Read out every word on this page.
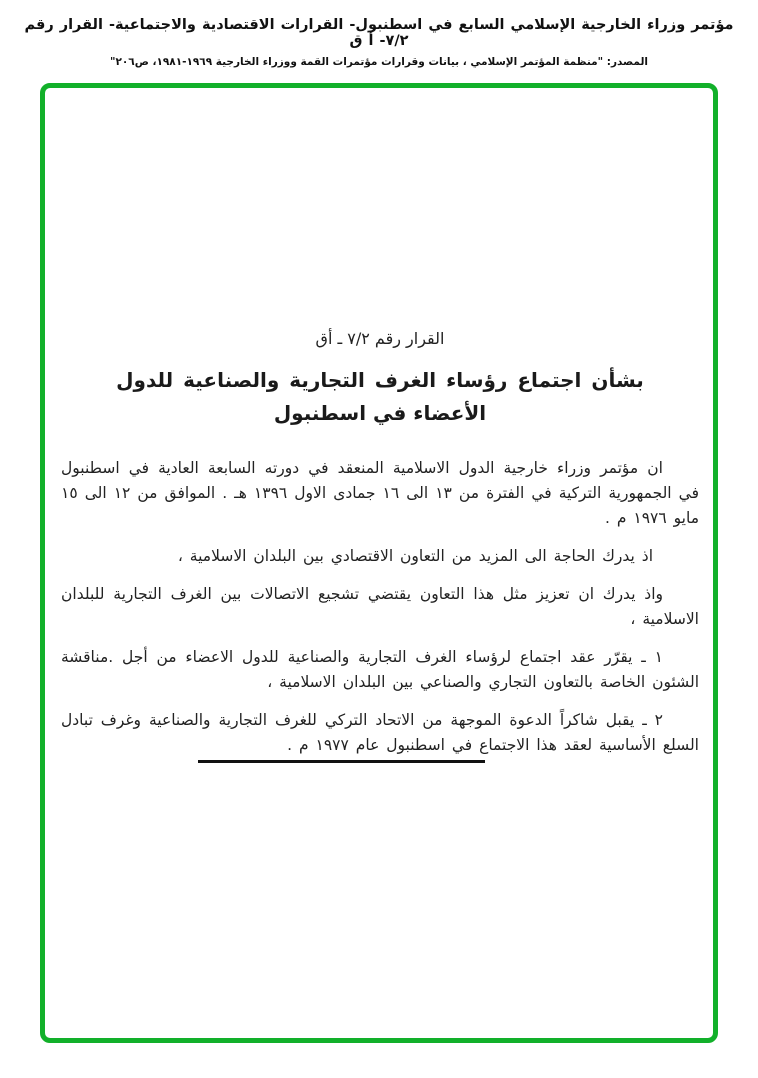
مؤتمر وزراء الخارجية الإسلامي السابع في اسطنبول- القرارات الاقتصادية والاجتماعية- القرار رقم ٧/٢- أ ق
المصدر: "منظمة المؤتمر الإسلامي ، بيانات وقرارات مؤتمرات القمة ووزراء الخارجية ١٩٦٩-١٩٨١، ص٢٠٦"
القرار رقم ٧/٢ ـ أق
بشأن اجتماع رؤساء الغرف التجارية والصناعية للدول
الأعضاء في اسطنبول

ان مؤتمر وزراء خارجية الدول الاسلامية المنعقد في دورته السابعة العادية في اسطنبول في الجمهورية التركية في الفترة من ١٣ الى ١٦ جمادى الاول ١٣٩٦ هـ . الموافق من ١٢ الى ١٥ مايو ١٩٧٦ م .

اذ يدرك الحاجة الى المزيد من التعاون الاقتصادي بين البلدان الاسلامية ،

واذ يدرك ان تعزيز مثل هذا التعاون يقتضي تشجيع الاتصالات بين الغرف التجارية للبلدان الاسلامية ،

١ ـ يقرّر عقد اجتماع لرؤساء الغرف التجارية والصناعية للدول الاعضاء من أجل .مناقشة الشئون الخاصة بالتعاون التجاري والصناعي بين البلدان الاسلامية ،

٢ ـ يقبل شاكراً الدعوة الموجهة من الاتحاد التركي للغرف التجارية والصناعية وغرف تبادل السلع الأساسية لعقد هذا الاجتماع في اسطنبول عام ١٩٧٧ م .
